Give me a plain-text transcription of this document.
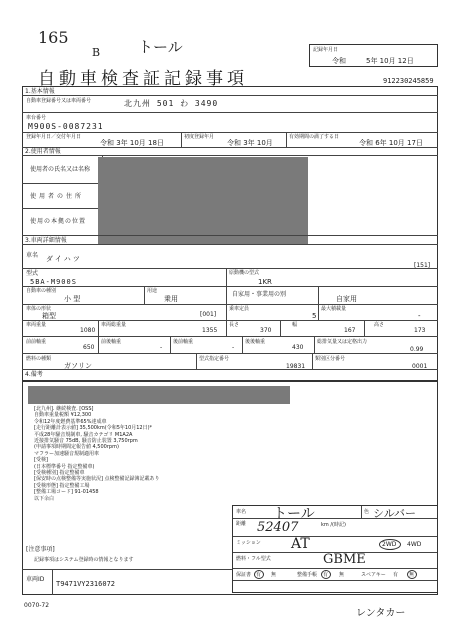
165
B	トール	記録年月日
令和	5年 10月 12日
自動車検査証記録事項	912230245859
1.基本情報
自動車登録番号又は車両番号	北九州 501 わ 3490
車台番号
M900S-0087231
登録年月日／交付年月日
令和 3年 10月 18日
初度登録年月
令和 3年 10月
有効期間の満了する日
令和 6年 10月 17日
2.使用者情報
使用者の氏名又は名称
使用者の住所
使用の本拠の位置
3.車両詳細情報
車名 ダイハツ
[151]
型式
5BA-M900S
原動機の型式
1KR
自動車の種別
小 型
用途
乗用
自家用・事業用の別
自家用
車体の形状
箱型	[001]
乗車定員
5
最大積載量
-
車両重量
1080
車両総重量
1355
長さ
370
幅
167
高さ
173
前前軸重
650
前後軸重
-
後前軸重
-
後後軸重
430
総排気量又は定格出力
0.99
燃料の種類
ガソリン
型式指定番号
19831
類別区分番号
0001
4.備考
[北九州]. 継続検査. [OSS]
自動車重量税額 ¥12,300
令和12年度燃費基準65%達成車
[走行距離計表示値] 35,500km(令和5年10月12日)*
平成28年騒音規制車, 騒音カテゴリ M1A2A
近接排気騒音 75dB, 騒音防止装置 3,750rpm
(申請事項時期間定報告値 4,500rpm)
マフラー加速騒音規制適用車
[受検]
(日本標準番号 指定整備車)
[受検種別] 指定整備車
[保安時の点検整備等実施状況] 点検整備記録簿記載あり
[受検形態] 指定整備工場
[整備工場コード] 91-01458
以下余白
[注意事項]
記録事項はシステム登録時の情報となります
車両ID
T9471VY2316072
0070-72
車名 トール	色 シルバー
距離 52407	km /(時記)
ミッション AT	2WD 4WD
燃料・フル型式	GBME
保証書 有 無	整備手帳 有 無	スペアキー 有 無
レンタカー
